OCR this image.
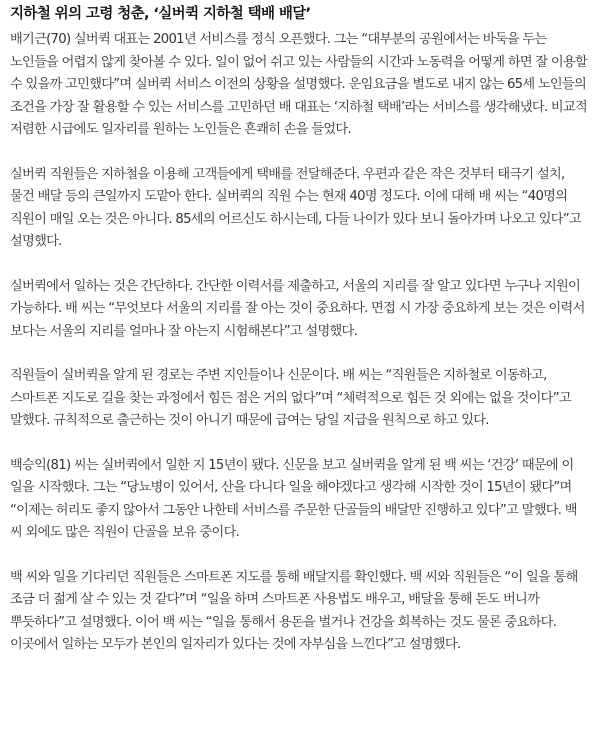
지하철 위의 고령 청춘, ‘실버퀵 지하철 택배 배달’

배기근(70) 실버퀵 대표는 2001년 서비스를 정식 오픈했다. 그는 “대부분의 공원에서는 바둑을 두는 노인들을 어렵지 않게 찾아볼 수 있다. 일이 없어 쉬고 있는 사람들의 시간과 노동력을 어떻게 하면 잘 이용할 수 있을까 고민했다”며 실버퀵 서비스 이전의 상황을 설명했다. 운임요금을 별도로 내지 않는 65세 노인들의 조건을 가장 잘 활용할 수 있는 서비스를 고민하던 배 대표는 ‘지하철 택배’라는 서비스를 생각해냈다. 비교적 저렴한 시급에도 일자리를 원하는 노인들은 흔쾌히 손을 들었다.

실버퀵 직원들은 지하철을 이용해 고객들에게 택배를 전달해준다. 우편과 같은 작은 것부터 태극기 설치, 물건 배달 등의 큰일까지 도맡아 한다. 실버퀵의 직원 수는 현재 40명 정도다. 이에 대해 배 씨는 “40명의 직원이 매일 오는 것은 아니다. 85세의 어르신도 하시는데, 다들 나이가 있다 보니 돌아가며 나오고 있다”고 설명했다.

실버퀵에서 일하는 것은 간단하다. 간단한 이력서를 제출하고, 서울의 지리를 잘 알고 있다면 누구나 지원이 가능하다. 배 씨는 “무엇보다 서울의 지리를 잘 아는 것이 중요하다. 면접 시 가장 중요하게 보는 것은 이력서 보다는 서울의 지리를 얼마나 잘 아는지 시험해본다”고 설명했다.

직원들이 실버퀵을 알게 된 경로는 주변 지인들이나 신문이다. 배 씨는 “직원들은 지하철로 이동하고, 스마트폰 지도로 길을 찾는 과정에서 힘든 점은 거의 없다”며 “체력적으로 힘든 것 외에는 없을 것이다”고 말했다. 규칙적으로 출근하는 것이 아니기 때문에 급여는 당일 지급을 원칙으로 하고 있다.

백승익(81) 씨는 실버퀵에서 일한 지 15년이 됐다. 신문을 보고 실버퀵을 알게 된 백 씨는 ‘건강’ 때문에 이 일을 시작했다. 그는 “당뇨병이 있어서, 산을 다니다 일을 해야겠다고 생각해 시작한 것이 15년이 됐다”며 “이제는 허리도 좋지 않아서 그동안 나한테 서비스를 주문한 단골들의 배달만 진행하고 있다”고 말했다. 백 씨 외에도 많은 직원이 단골을 보유 중이다.

백 씨와 일을 기다리던 직원들은 스마트폰 지도를 통해 배달지를 확인했다. 백 씨와 직원들은 “이 일을 통해 조금 더 젊게 살 수 있는 것 같다”며 “일을 하며 스마트폰 사용법도 배우고, 배달을 통해 돈도 버니까 뿌듯하다”고 설명했다. 이어 백 씨는 “일을 통해서 용돈을 벌거나 건강을 회복하는 것도 물론 중요하다. 이곳에서 일하는 모두가 본인의 일자리가 있다는 것에 자부심을 느낀다”고 설명했다.
